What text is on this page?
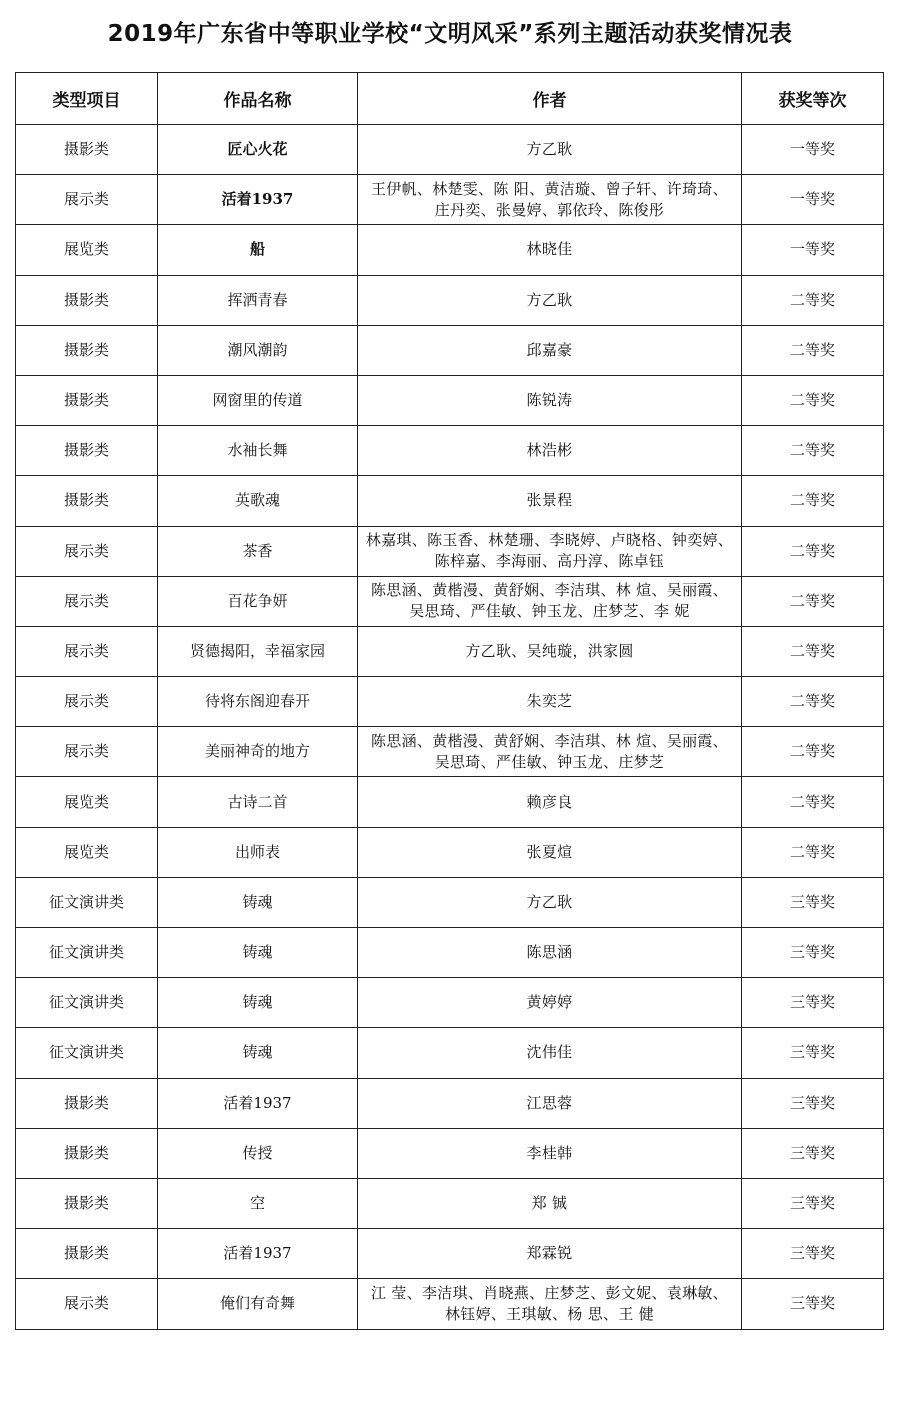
2019年广东省中等职业学校“文明风采”系列主题活动获奖情况表
类型项目	作品名称	作者	获奖等次
摄影类	匠心火花	方乙耿	一等奖
展示类	活着1937	王伊帆、林楚雯、陈 阳、黄洁璇、曾子轩、许琦琦、庄丹奕、张曼婷、郭依玲、陈俊彤	一等奖
展览类	船	林晓佳	一等奖
摄影类	挥洒青春	方乙耿	二等奖
摄影类	潮风潮韵	邱嘉豪	二等奖
摄影类	网窗里的传道	陈锐涛	二等奖
摄影类	水袖长舞	林浩彬	二等奖
摄影类	英歌魂	张景程	二等奖
展示类	茶香	林嘉琪、陈玉香、林楚珊、李晓婷、卢晓格、钟奕婷、陈梓嘉、李海丽、高丹淳、陈卓钰	二等奖
展示类	百花争妍	陈思涵、黄楷漫、黄舒娴、李洁琪、林 煊、吴丽霞、吴思琦、严佳敏、钟玉龙、庄梦芝、李 妮	二等奖
展示类	贤德揭阳，幸福家园	方乙耿、吴纯璇，洪家圆	二等奖
展示类	待将东阁迎春开	朱奕芝	二等奖
展示类	美丽神奇的地方	陈思涵、黄楷漫、黄舒娴、李洁琪、林 煊、吴丽霞、吴思琦、严佳敏、钟玉龙、庄梦芝	二等奖
展览类	古诗二首	赖彦良	二等奖
展览类	出师表	张夏煊	二等奖
征文演讲类	铸魂	方乙耿	三等奖
征文演讲类	铸魂	陈思涵	三等奖
征文演讲类	铸魂	黄婷婷	三等奖
征文演讲类	铸魂	沈伟佳	三等奖
摄影类	活着1937	江思蓉	三等奖
摄影类	传授	李桂韩	三等奖
摄影类	空	郑 铖	三等奖
摄影类	活着1937	郑霖锐	三等奖
展示类	俺们有奇舞	江 莹、李洁琪、肖晓燕、庄梦芝、彭文妮、袁琳敏、林钰婷、王琪敏、杨 思、王 健	三等奖
